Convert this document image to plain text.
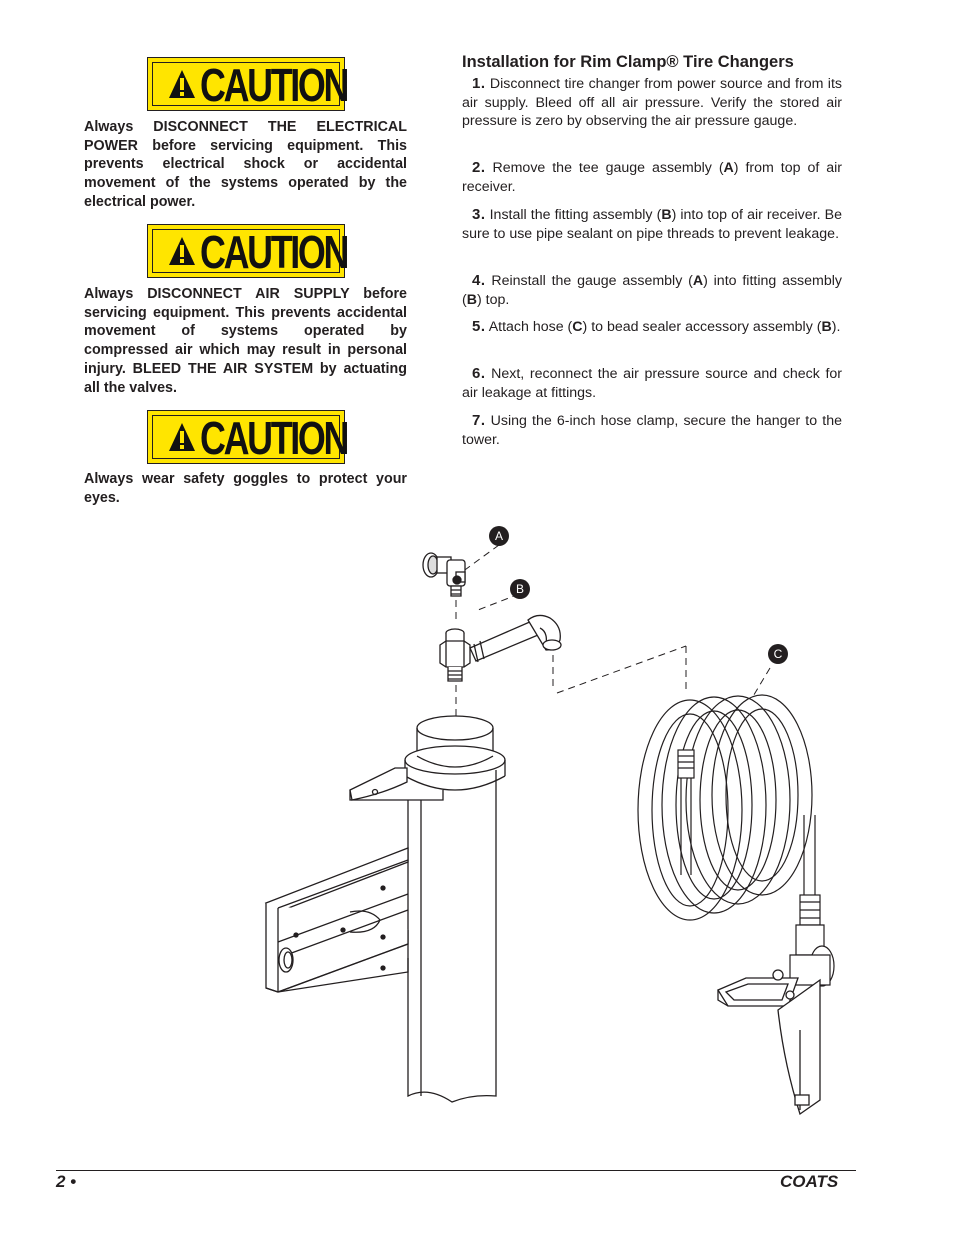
CAUTION

Always DISCONNECT THE ELECTRICAL POWER before servicing equipment. This prevents electrical shock or accidental movement of the systems operated by the electrical power.

CAUTION

Always DISCONNECT AIR SUPPLY before servicing equipment. This prevents accidental movement of systems operated by compressed air which may result in personal injury. BLEED THE AIR SYSTEM by actuating all the valves.

CAUTION

Always wear safety goggles to protect your eyes.

Installation for Rim Clamp® Tire Changers

1. Disconnect tire changer from power source and from its air supply. Bleed off all air pressure. Verify the stored air pressure is zero by observing the air pressure gauge.

2. Remove the tee gauge assembly (A) from top of air receiver.

3. Install the fitting assembly (B) into top of air receiver. Be sure to use pipe sealant on pipe threads to prevent leakage.

4. Reinstall the gauge assembly (A) into fitting assembly (B) top.

5. Attach hose (C) to bead sealer accessory assembly (B).

6. Next, reconnect the air pressure source and check for air leakage at fittings.

7. Using the 6-inch hose clamp, secure the hanger to the tower.

A
B
C
2 •	COATS
